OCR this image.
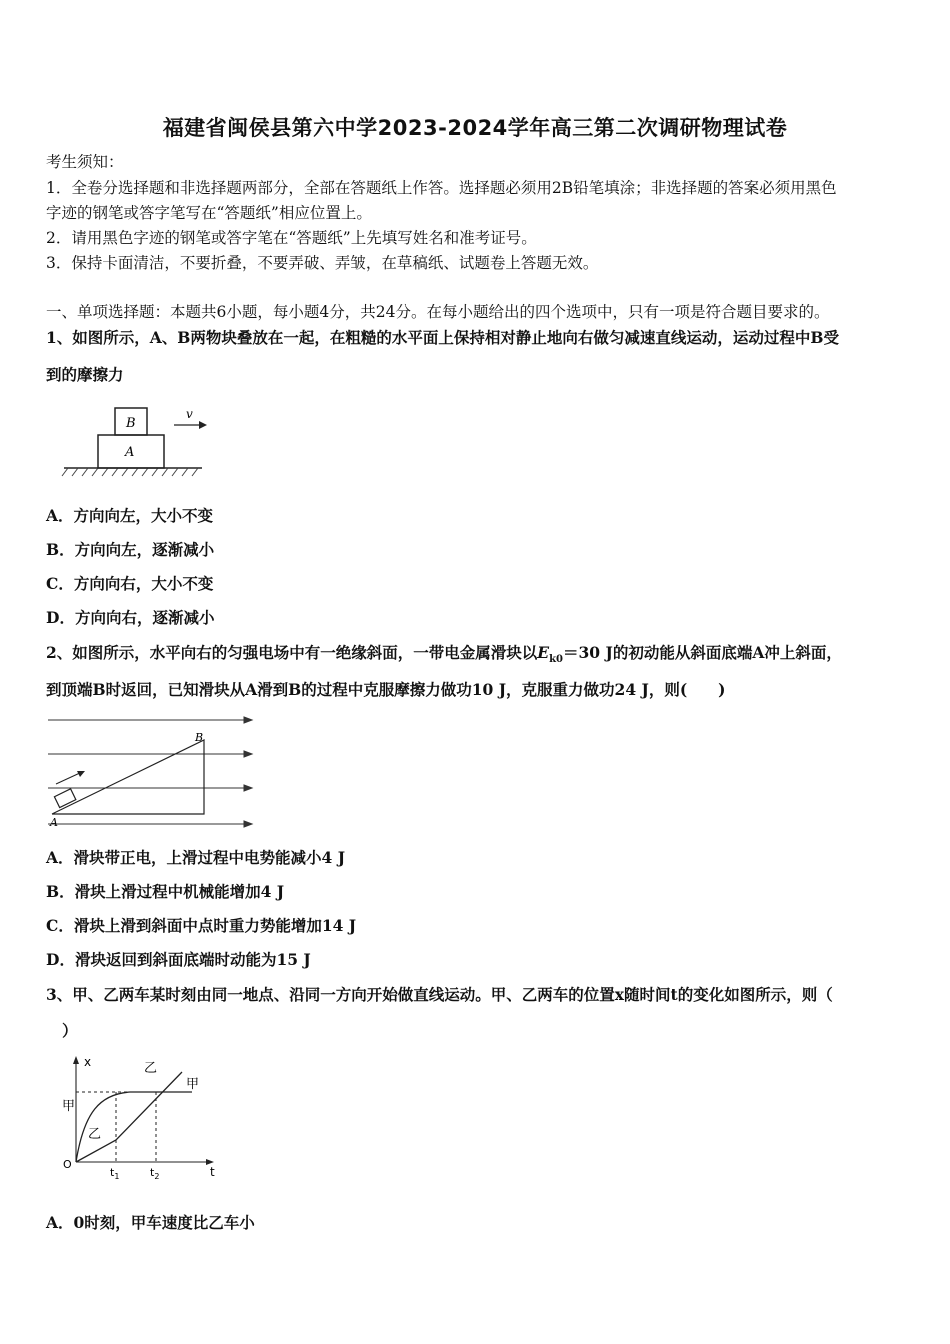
福建省闽侯县第六中学2023-2024学年高三第二次调研物理试卷
考生须知：
1．全卷分选择题和非选择题两部分，全部在答题纸上作答。选择题必须用2B铅笔填涂；非选择题的答案必须用黑色
字迹的钢笔或答字笔写在“答题纸”相应位置上。
2．请用黑色字迹的钢笔或答字笔在“答题纸”上先填写姓名和准考证号。
3．保持卡面清洁，不要折叠，不要弄破、弄皱，在草稿纸、试题卷上答题无效。
一、单项选择题：本题共6小题，每小题4分，共24分。在每小题给出的四个选项中，只有一项是符合题目要求的。
1、如图所示，A、B两物块叠放在一起，在粗糙的水平面上保持相对静止地向右做匀减速直线运动，运动过程中B受
到的摩擦力
B
A
v
A．方向向左，大小不变
B．方向向左，逐渐减小
C．方向向右，大小不变
D．方向向右，逐渐减小
2、如图所示，水平向右的匀强电场中有一绝缘斜面，一带电金属滑块以$E_{k0}=30$ J的初动能从斜面底端A冲上斜面，
到顶端B时返回，已知滑块从A滑到B的过程中克服摩擦力做功10 J，克服重力做功24 J，则(　　)
A
B
A．滑块带正电，上滑过程中电势能减小4 J
B．滑块上滑过程中机械能增加4 J
C．滑块上滑到斜面中点时重力势能增加14 J
D．滑块返回到斜面底端时动能为15 J
3、甲、乙两车某时刻由同一地点、沿同一方向开始做直线运动。甲、乙两车的位置x随时间t的变化如图所示，则（
）
x
t
O
甲
甲
乙
乙
$t_1$	$t_2$
A．0时刻，甲车速度比乙车小
